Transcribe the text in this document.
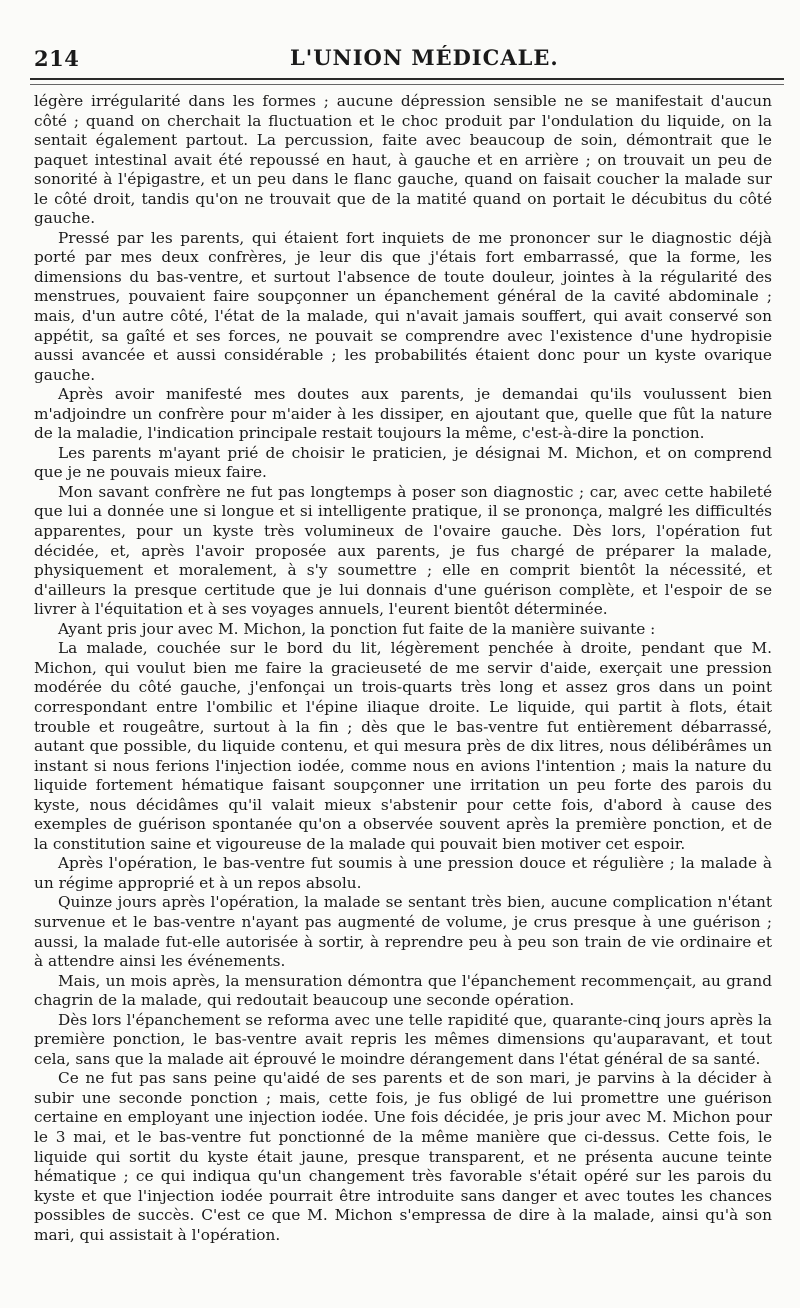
214	L'UNION MÉDICALE.

légère irrégularité dans les formes ; aucune dépression sensible ne se manifestait d'aucun côté ; quand on cherchait la fluctuation et le choc produit par l'ondulation du liquide, on la sentait également partout. La percussion, faite avec beaucoup de soin, démontrait que le paquet intestinal avait été repoussé en haut, à gauche et en arrière ; on trouvait un peu de sonorité à l'épigastre, et un peu dans le flanc gauche, quand on faisait coucher la malade sur le côté droit, tandis qu'on ne trouvait que de la matité quand on portait le décubitus du côté gauche.

Pressé par les parents, qui étaient fort inquiets de me prononcer sur le diagnostic déjà porté par mes deux confrères, je leur dis que j'étais fort embarrassé, que la forme, les dimensions du bas-ventre, et surtout l'absence de toute douleur, jointes à la régularité des menstrues, pouvaient faire soupçonner un épanchement général de la cavité abdominale ; mais, d'un autre côté, l'état de la malade, qui n'avait jamais souffert, qui avait conservé son appétit, sa gaîté et ses forces, ne pouvait se comprendre avec l'existence d'une hydropisie aussi avancée et aussi considérable ; les probabilités étaient donc pour un kyste ovarique gauche.

Après avoir manifesté mes doutes aux parents, je demandai qu'ils voulussent bien m'adjoindre un confrère pour m'aider à les dissiper, en ajoutant que, quelle que fût la nature de la maladie, l'indication principale restait toujours la même, c'est-à-dire la ponction.

Les parents m'ayant prié de choisir le praticien, je désignai M. Michon, et on comprend que je ne pouvais mieux faire.

Mon savant confrère ne fut pas longtemps à poser son diagnostic ; car, avec cette habileté que lui a donnée une si longue et si intelligente pratique, il se prononça, malgré les difficultés apparentes, pour un kyste très volumineux de l'ovaire gauche. Dès lors, l'opération fut décidée, et, après l'avoir proposée aux parents, je fus chargé de préparer la malade, physiquement et moralement, à s'y soumettre ; elle en comprit bientôt la nécessité, et d'ailleurs la presque certitude que je lui donnais d'une guérison complète, et l'espoir de se livrer à l'équitation et à ses voyages annuels, l'eurent bientôt déterminée.

Ayant pris jour avec M. Michon, la ponction fut faite de la manière suivante :

La malade, couchée sur le bord du lit, légèrement penchée à droite, pendant que M. Michon, qui voulut bien me faire la gracieuseté de me servir d'aide, exerçait une pression modérée du côté gauche, j'enfonçai un trois-quarts très long et assez gros dans un point correspondant entre l'ombilic et l'épine iliaque droite. Le liquide, qui partit à flots, était trouble et rougeâtre, surtout à la fin ; dès que le bas-ventre fut entièrement débarrassé, autant que possible, du liquide contenu, et qui mesura près de dix litres, nous délibérâmes un instant si nous ferions l'injection iodée, comme nous en avions l'intention ; mais la nature du liquide fortement hématique faisant soupçonner une irritation un peu forte des parois du kyste, nous décidâmes qu'il valait mieux s'abstenir pour cette fois, d'abord à cause des exemples de guérison spontanée qu'on a observée souvent après la première ponction, et de la constitution saine et vigoureuse de la malade qui pouvait bien motiver cet espoir.

Après l'opération, le bas-ventre fut soumis à une pression douce et régulière ; la malade à un régime approprié et à un repos absolu.

Quinze jours après l'opération, la malade se sentant très bien, aucune complication n'étant survenue et le bas-ventre n'ayant pas augmenté de volume, je crus presque à une guérison ; aussi, la malade fut-elle autorisée à sortir, à reprendre peu à peu son train de vie ordinaire et à attendre ainsi les événements.

Mais, un mois après, la mensuration démontra que l'épanchement recommençait, au grand chagrin de la malade, qui redoutait beaucoup une seconde opération.

Dès lors l'épanchement se reforma avec une telle rapidité que, quarante-cinq jours après la première ponction, le bas-ventre avait repris les mêmes dimensions qu'auparavant, et tout cela, sans que la malade ait éprouvé le moindre dérangement dans l'état général de sa santé.

Ce ne fut pas sans peine qu'aidé de ses parents et de son mari, je parvins à la décider à subir une seconde ponction ; mais, cette fois, je fus obligé de lui promettre une guérison certaine en employant une injection iodée. Une fois décidée, je pris jour avec M. Michon pour le 3 mai, et le bas-ventre fut ponctionné de la même manière que ci-dessus. Cette fois, le liquide qui sortit du kyste était jaune, presque transparent, et ne présenta aucune teinte hématique ; ce qui indiqua qu'un changement très favorable s'était opéré sur les parois du kyste et que l'injection iodée pourrait être introduite sans danger et avec toutes les chances possibles de succès. C'est ce que M. Michon s'empressa de dire à la malade, ainsi qu'à son mari, qui assistait à l'opération.
